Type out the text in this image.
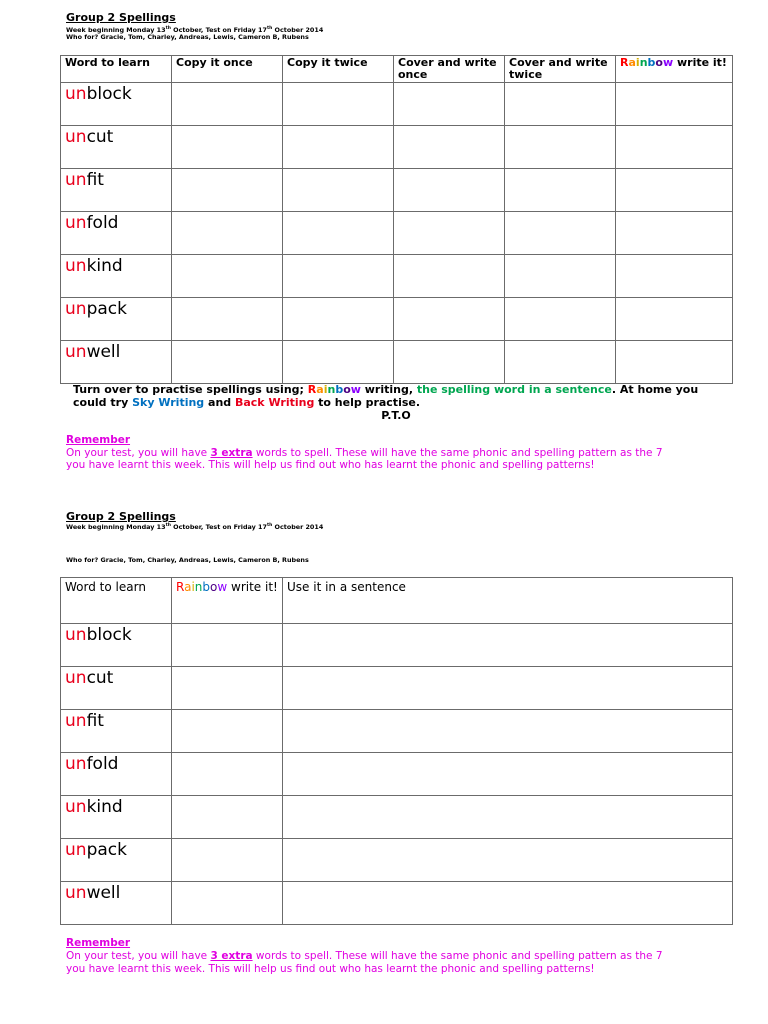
Group 2 Spellings
Week beginning Monday 13th October, Test on Friday 17th October 2014
Who for? Gracie, Tom, Charley, Andreas, Lewis, Cameron B, Rubens
Word to learn	Copy it once	Copy it twice	Cover and write once	Cover and write twice	Rainbow write it!
unblock					
uncut					
unfit					
unfold					
unkind					
unpack					
unwell					
Turn over to practise spellings using; Rainbow writing, the spelling word in a sentence. At home you
could try Sky Writing and Back Writing to help practise.
P.T.O
Remember
On your test, you will have 3 extra words to spell. These will have the same phonic and spelling pattern as the 7
you have learnt this week. This will help us find out who has learnt the phonic and spelling patterns!
Group 2 Spellings
Week beginning Monday 13th October, Test on Friday 17th October 2014
Who for? Gracie, Tom, Charley, Andreas, Lewis, Cameron B, Rubens
Word to learn	Rainbow write it!	Use it in a sentence
unblock		
uncut		
unfit		
unfold		
unkind		
unpack		
unwell		
Remember
On your test, you will have 3 extra words to spell. These will have the same phonic and spelling pattern as the 7
you have learnt this week. This will help us find out who has learnt the phonic and spelling patterns!
